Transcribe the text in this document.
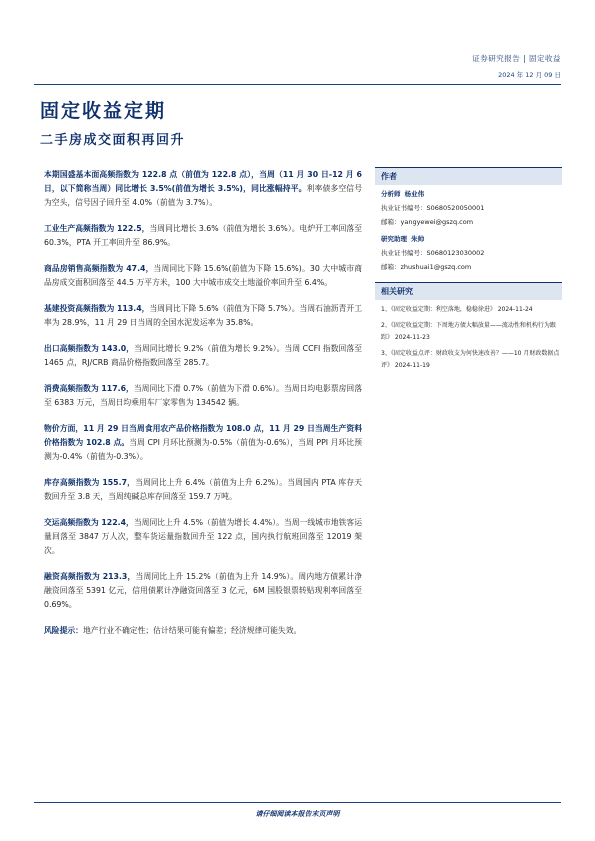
证券研究报告 | 固定收益
2024 年 12 月 09 日
固定收益定期
二手房成交面积再回升

本期国盛基本面高频指数为 122.8 点（前值为 122.8 点），当周（11 月 30 日-12 月 6 日，以下简称当周）同比增长 3.5%(前值为增长 3.5%)，同比涨幅持平。利率债多空信号为空头，信号因子回升至 4.0%（前值为 3.7%）。

工业生产高频指数为 122.5，当周同比增长 3.6%（前值为增长 3.6%）。电炉开工率回落至 60.3%，PTA 开工率回升至 86.9%。

商品房销售高频指数为 47.4，当周同比下降 15.6%(前值为下降 15.6%)。30 大中城市商品房成交面积回落至 44.5 万平方米，100 大中城市成交土地溢价率回升至 6.4%。

基建投资高频指数为 113.4，当周同比下降 5.6%（前值为下降 5.7%）。当周石油沥青开工率为 28.9%，11 月 29 日当周的全国水泥发运率为 35.8%。

出口高频指数为 143.0，当周同比增长 9.2%（前值为增长 9.2%）。当周 CCFI 指数回落至 1465 点，RJ/CRB 商品价格指数回落至 285.7。

消费高频指数为 117.6，当周同比下滑 0.7%（前值为下滑 0.6%）。当周日均电影票房回落至 6383 万元，当周日均乘用车厂家零售为 134542 辆。

物价方面，11 月 29 日当周食用农产品价格指数为 108.0 点，11 月 29 日当周生产资料价格指数为 102.8 点。当周 CPI 月环比预测为-0.5%（前值为-0.6%），当周 PPI 月环比预测为-0.4%（前值为-0.3%）。

库存高频指数为 155.7，当周同比上升 6.4%（前值为上升 6.2%）。当周国内 PTA 库存天数回升至 3.8 天，当周纯碱总库存回落至 159.7 万吨。

交运高频指数为 122.4，当周同比上升 4.5%（前值为增长 4.4%）。当周一线城市地铁客运量回落至 3847 万人次，整车货运量指数回升至 122 点，国内执行航班回落至 12019 架次。

融资高频指数为 213.3，当周同比上升 15.2%（前值为上升 14.9%）。周内地方债累计净融资回落至 5391 亿元，信用债累计净融资回落至 3 亿元，6M 国股银票转贴现利率回落至 0.69%。

风险提示：地产行业不确定性；估计结果可能有偏差；经济规律可能失效。

作者
分析师 杨业伟
执业证书编号：S0680520050001
邮箱：yangyewei@gszq.com
研究助理 朱帅
执业证书编号：S0680123030002
邮箱：zhushuai1@gszq.com
相关研究
1、《固定收益定期：利空落地，稳稳徐进》 2024-11-24
2、《固定收益定期：下周地方债大幅放量——流动性和机构行为跟踪》 2024-11-23
3、《固定收益点评：财政收支为何快速改善？——10 月财政数据点评》 2024-11-19
请仔细阅读本报告末页声明
